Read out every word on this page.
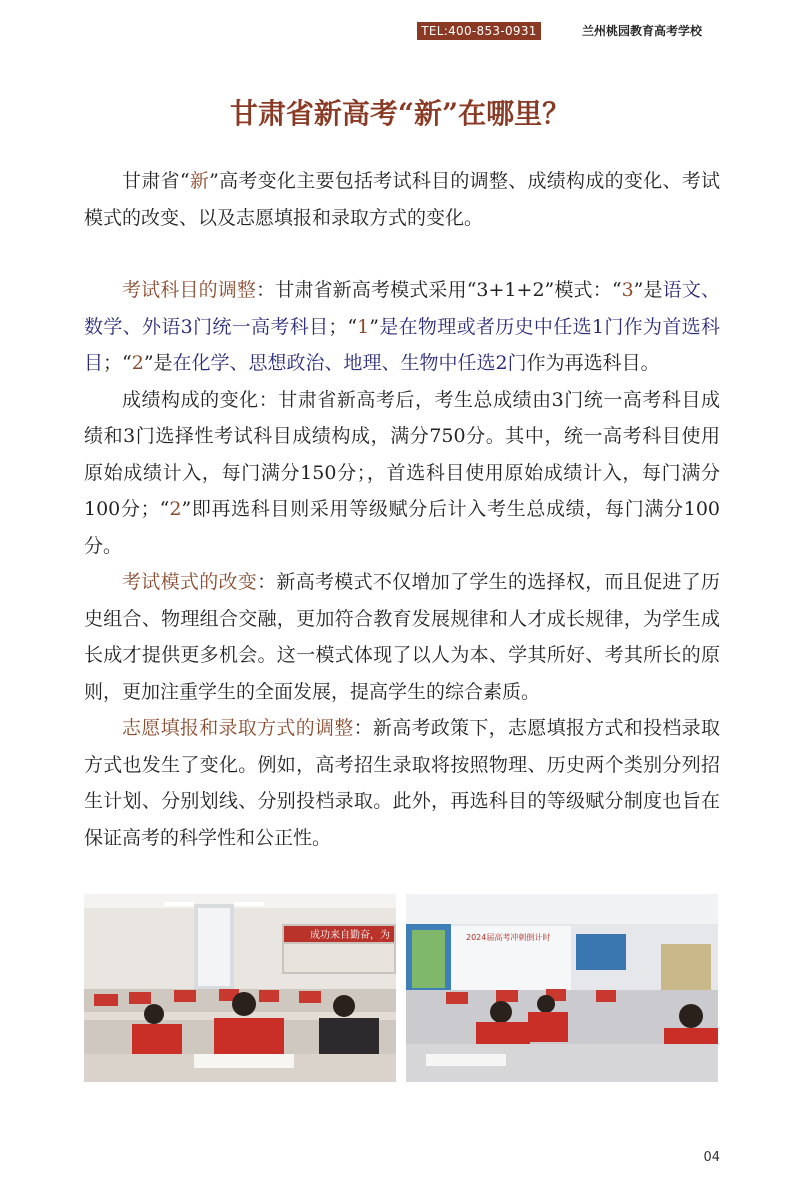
TEL:400-853-0931	兰州桃园教育高考学校
甘肃省新高考“新”在哪里？

甘肃省“新”高考变化主要包括考试科目的调整、成绩构成的变化、考试模式的改变、以及志愿填报和录取方式的变化。

考试科目的调整：甘肃省新高考模式采用“3+1+2”模式：“3”是语文、数学、外语3门统一高考科目；“1”是在物理或者历史中任选1门作为首选科目；“2”是在化学、思想政治、地理、生物中任选2门作为再选科目。

成绩构成的变化：甘肃省新高考后，考生总成绩由3门统一高考科目成绩和3门选择性考试科目成绩构成，满分750分。其中，统一高考科目使用原始成绩计入，每门满分150分；，首选科目使用原始成绩计入，每门满分100分；“2”即再选科目则采用等级赋分后计入考生总成绩，每门满分100分。

考试模式的改变：新高考模式不仅增加了学生的选择权，而且促进了历史组合、物理组合交融，更加符合教育发展规律和人才成长规律，为学生成长成才提供更多机会。这一模式体现了以人为本、学其所好、考其所长的原则，更加注重学生的全面发展，提高学生的综合素质。

志愿填报和录取方式的调整：新高考政策下，志愿填报方式和投档录取方式也发生了变化。例如，高考招生录取将按照物理、历史两个类别分列招生计划、分别划线、分别投档录取。此外，再选科目的等级赋分制度也旨在保证高考的科学性和公正性。

成功来自勤奋，为	2024届高考冲刺倒计时
04
